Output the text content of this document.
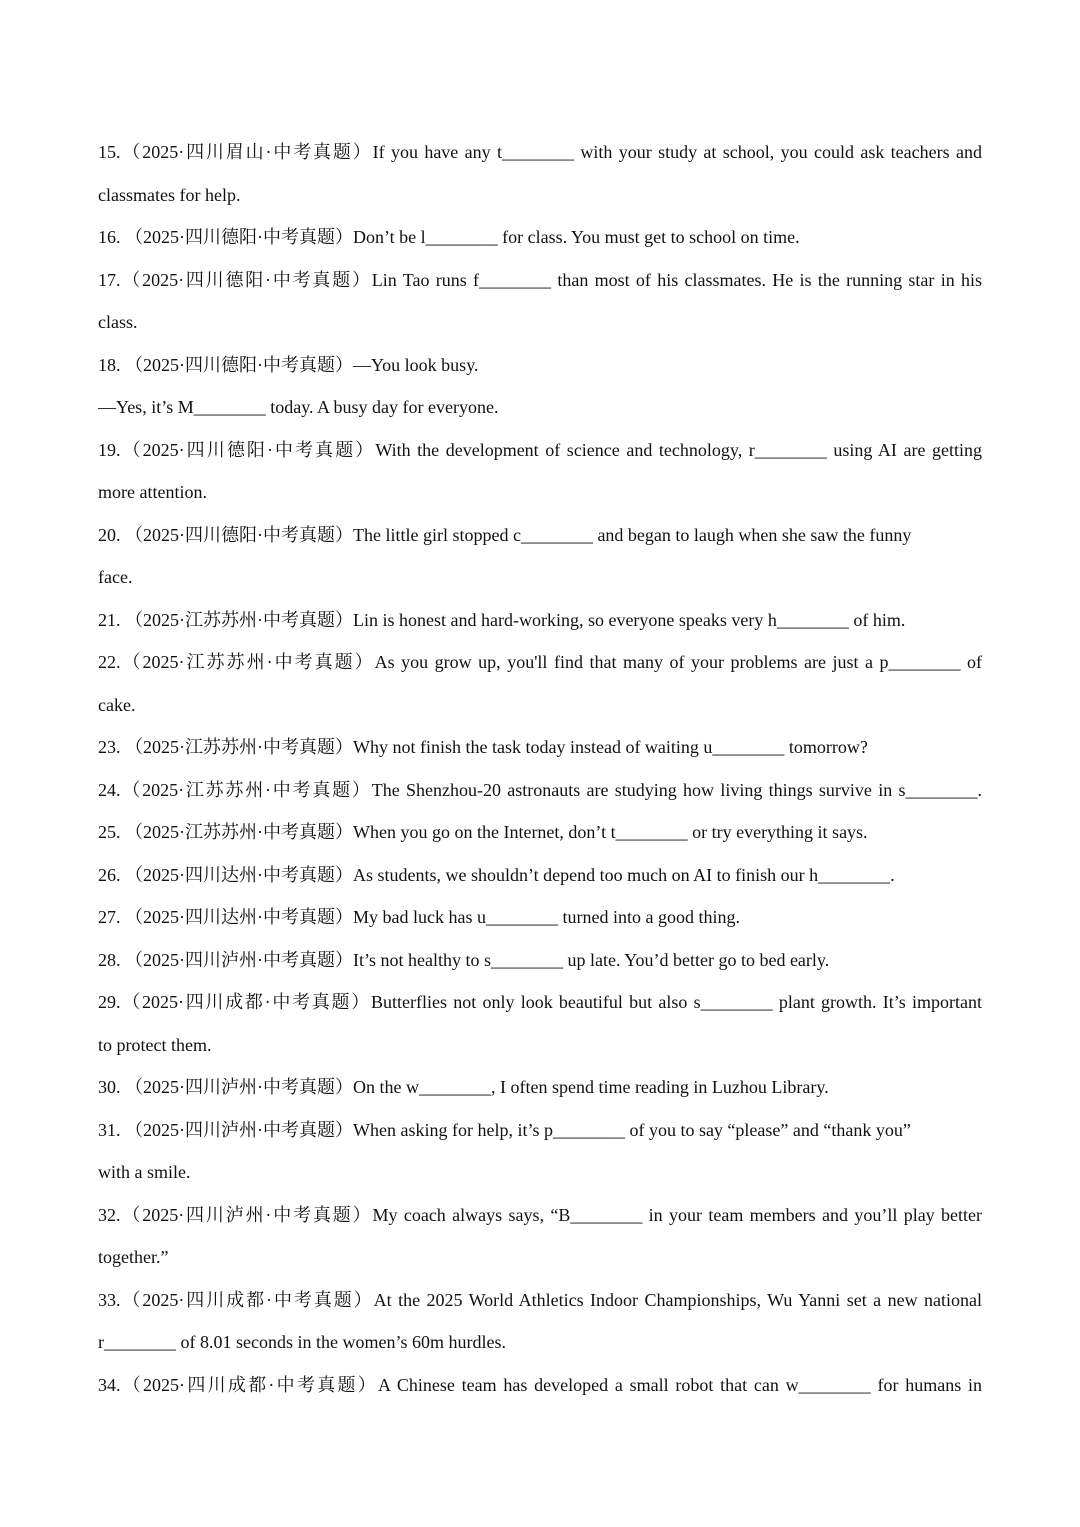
15.（2025·四川眉山·中考真题）If you have any t________ with your study at school, you could ask teachers and
classmates for help.
16. （2025·四川德阳·中考真题）Don’t be l________ for class. You must get to school on time.
17.（2025·四川德阳·中考真题）Lin Tao runs f________ than most of his classmates. He is the running star in his
class.
18. （2025·四川德阳·中考真题）—You look busy.
—Yes, it’s M________ today. A busy day for everyone.
19.（2025·四川德阳·中考真题）With the development of science and technology, r________ using AI are getting
more attention.
20. （2025·四川德阳·中考真题）The little girl stopped c________ and began to laugh when she saw the funny
face.
21. （2025·江苏苏州·中考真题）Lin is honest and hard-working, so everyone speaks very h________ of him.
22.（2025·江苏苏州·中考真题）As you grow up, you'll find that many of your problems are just a p________ of
cake.
23. （2025·江苏苏州·中考真题）Why not finish the task today instead of waiting u________ tomorrow?
24.（2025·江苏苏州·中考真题）The Shenzhou-20 astronauts are studying how living things survive in s________.
25. （2025·江苏苏州·中考真题）When you go on the Internet, don’t t________ or try everything it says.
26. （2025·四川达州·中考真题）As students, we shouldn’t depend too much on AI to finish our h________.
27. （2025·四川达州·中考真题）My bad luck has u________ turned into a good thing.
28. （2025·四川泸州·中考真题）It’s not healthy to s________ up late. You’d better go to bed early.
29.（2025·四川成都·中考真题）Butterflies not only look beautiful but also s________ plant growth. It’s important
to protect them.
30. （2025·四川泸州·中考真题）On the w________, I often spend time reading in Luzhou Library.
31. （2025·四川泸州·中考真题）When asking for help, it’s p________ of you to say “please” and “thank you”
with a smile.
32.（2025·四川泸州·中考真题）My coach always says, “B________ in your team members and you’ll play better
together.”
33.（2025·四川成都·中考真题）At the 2025 World Athletics Indoor Championships, Wu Yanni set a new national
r________ of 8.01 seconds in the women’s 60m hurdles.
34.（2025·四川成都·中考真题）A Chinese team has developed a small robot that can w________ for humans in
